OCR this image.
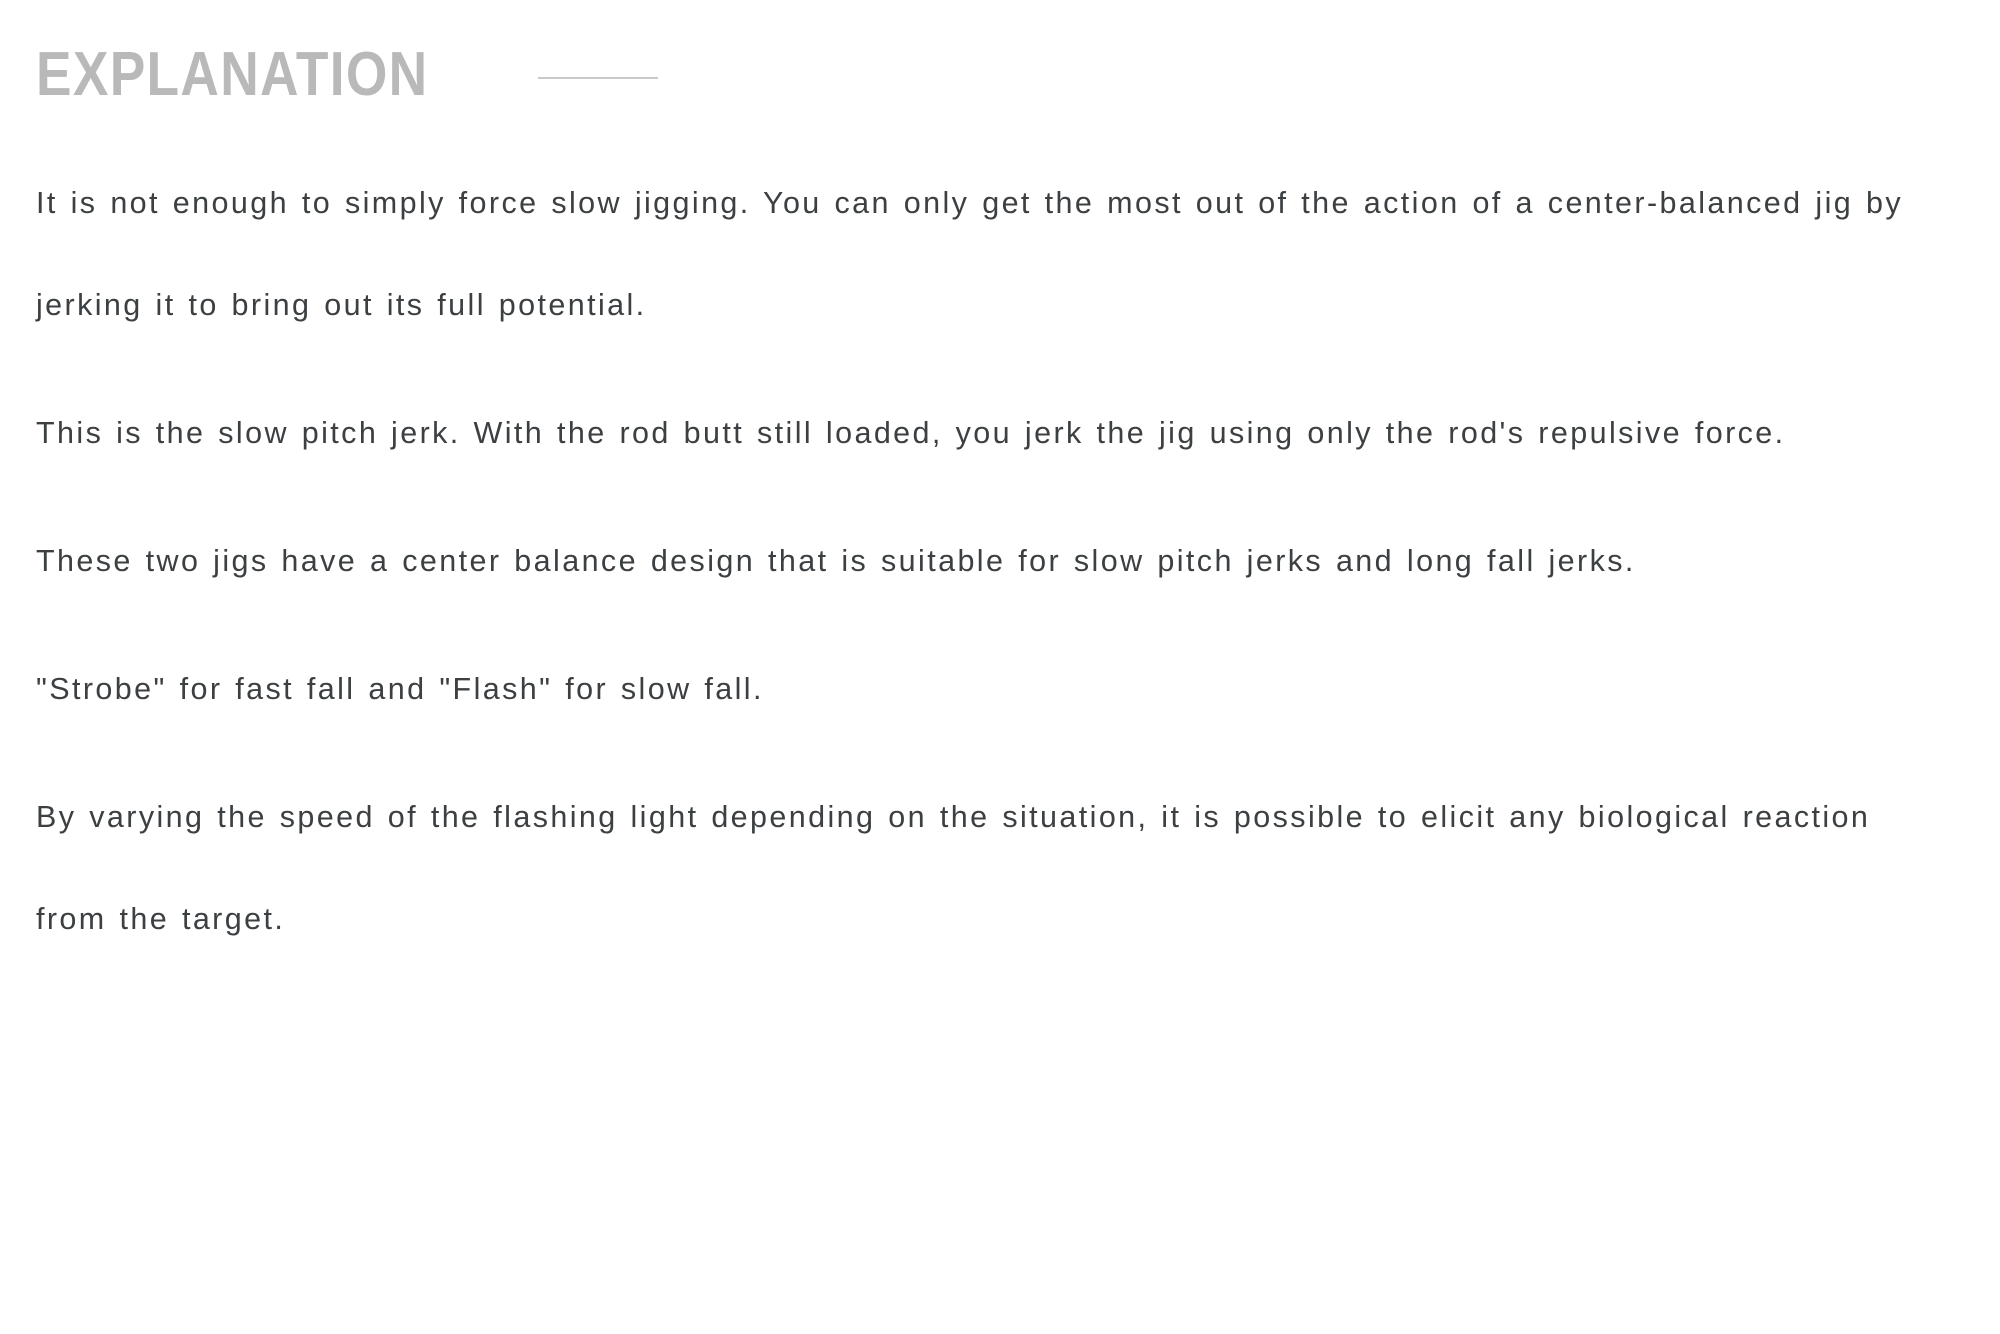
EXPLANATION

It is not enough to simply force slow jigging. You can only get the most out of the action of a center-balanced jig by jerking it to bring out its full potential.

This is the slow pitch jerk. With the rod butt still loaded, you jerk the jig using only the rod's repulsive force.

These two jigs have a center balance design that is suitable for slow pitch jerks and long fall jerks.

"Strobe" for fast fall and "Flash" for slow fall.

By varying the speed of the flashing light depending on the situation, it is possible to elicit any biological reaction from the target.
